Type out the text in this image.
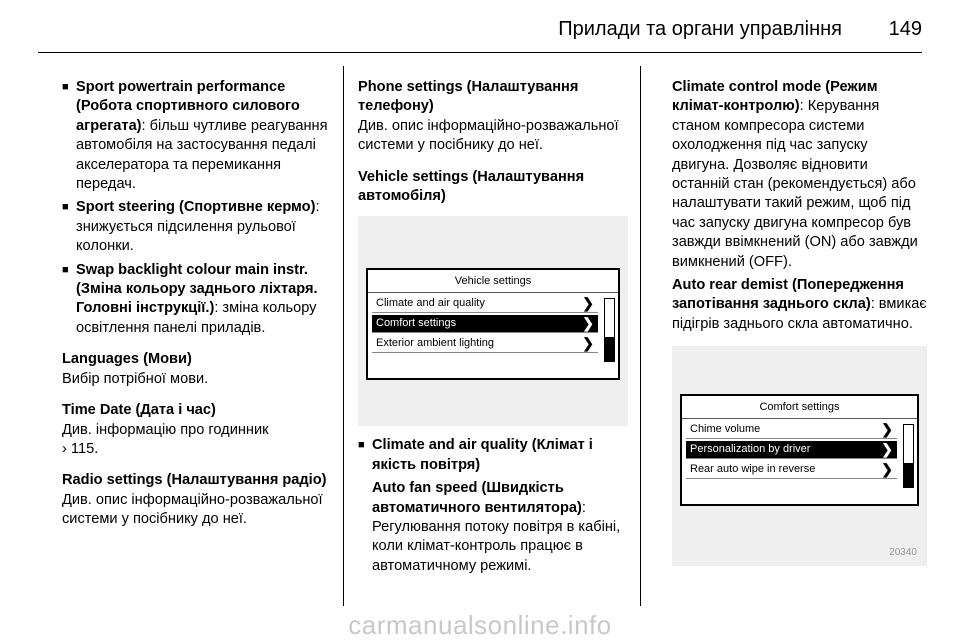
Прилади та органи управління 149
■ Sport powertrain performance (Робота спортивного силового агрегата): більш чутливе реагування автомобіля на застосування педалі акселератора та перемикання передач.
■ Sport steering (Спортивне кермо): знижується підсилення рульової колонки.
■ Swap backlight colour main instr. (Зміна кольору заднього ліхтаря. Головні інструкції.): зміна кольору освітлення панелі приладів.
Languages (Мови)
Вибір потрібної мови.
Time Date (Дата і час)
Див. інформацію про годинник
› 115.
Radio settings (Налаштування радіо)
Див. опис інформаційно-розважальної системи у посібнику до неї.
Phone settings (Налаштування телефону)
Див. опис інформаційно-розважальної системи у посібнику до неї.
Vehicle settings (Налаштування автомобіля)
Vehicle settings
Climate and air quality	❯
Comfort settings	❯
Exterior ambient lighting	❯
■ Climate and air quality (Клімат і якість повітря)
Auto fan speed (Швидкість автоматичного вентилятора): Регулювання потоку повітря в кабіні, коли клімат-контроль працює в автоматичному режимі.
Climate control mode (Режим клімат-контролю): Керування станом компресора системи охолодження під час запуску двигуна. Дозволяє відновити останній стан (рекомендується) або налаштувати такий режим, щоб під час запуску двигуна компресор був завжди ввімкнений (ON) або завжди вимкнений (OFF).
Auto rear demist (Попередження запотівання заднього скла): вмикає підігрів заднього скла автоматично.
Comfort settings
Chime volume	❯
Personalization by driver	❯
Rear auto wipe in reverse	❯
20340
carmanualsonline.info
